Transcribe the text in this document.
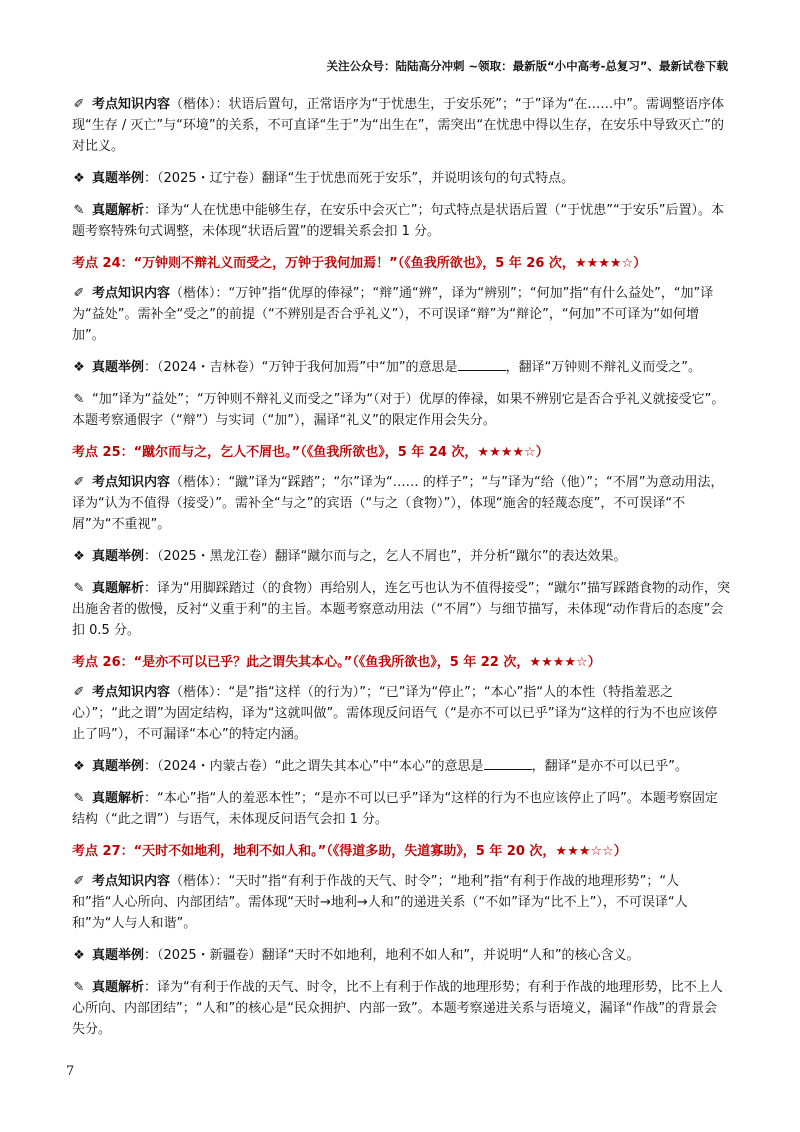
关注公众号：陆陆高分冲刺 ~领取：最新版“小中高考-总复习”、最新试卷下载

✐ 考点知识内容（楷体）：状语后置句，正常语序为“于忧患生，于安乐死”；“于”译为“在……中”。需调整语序体现“生存 / 灭亡”与“环境”的关系，不可直译“生于”为“出生在”，需突出“在忧患中得以生存，在安乐中导致灭亡”的对比义。

❖ 真题举例：（2025・辽宁卷）翻译“生于忧患而死于安乐”，并说明该句的句式特点。

✎ 真题解析：译为“人在忧患中能够生存，在安乐中会灭亡”；句式特点是状语后置（“于忧患”“于安乐”后置）。本题考察特殊句式调整，未体现“状语后置”的逻辑关系会扣 1 分。

考点 24：“万钟则不辩礼义而受之，万钟于我何加焉！”（《鱼我所欲也》，5 年 26 次，★★★★☆）

✐ 考点知识内容（楷体）：“万钟”指“优厚的俸禄”；“辩”通“辨”，译为“辨别”；“何加”指“有什么益处”，“加”译为“益处”。需补全“受之”的前提（“不辨别是否合乎礼义”），不可误译“辩”为“辩论”，“何加”不可译为“如何增加”。

❖ 真题举例：（2024・吉林卷）“万钟于我何加焉”中“加”的意思是	，翻译“万钟则不辩礼义而受之”。

✎ “加”译为“益处”；“万钟则不辩礼义而受之”译为“（对于）优厚的俸禄，如果不辨别它是否合乎礼义就接受它”。本题考察通假字（“辩”）与实词（“加”），漏译“礼义”的限定作用会失分。

考点 25：“蹴尔而与之，乞人不屑也。”（《鱼我所欲也》，5 年 24 次，★★★★☆）

✐ 考点知识内容（楷体）：“蹴”译为“踩踏”；“尔”译为“…… 的样子”；“与”译为“给（他）”；“不屑”为意动用法，译为“认为不值得（接受）”。需补全“与之”的宾语（“与之（食物）”），体现“施舍的轻蔑态度”，不可误译“不屑”为“不重视”。

❖ 真题举例：（2025・黑龙江卷）翻译“蹴尔而与之，乞人不屑也”，并分析“蹴尔”的表达效果。

✎ 真题解析：译为“用脚踩踏过（的食物）再给别人，连乞丐也认为不值得接受”；“蹴尔”描写踩踏食物的动作，突出施舍者的傲慢，反衬“义重于利”的主旨。本题考察意动用法（“不屑”）与细节描写，未体现“动作背后的态度”会扣 0.5 分。

考点 26：“是亦不可以已乎？此之谓失其本心。”（《鱼我所欲也》，5 年 22 次，★★★★☆）

✐ 考点知识内容（楷体）：“是”指“这样（的行为）”；“已”译为“停止”；“本心”指“人的本性（特指羞恶之心）”；“此之谓”为固定结构，译为“这就叫做”。需体现反问语气（“是亦不可以已乎”译为“这样的行为不也应该停止了吗”），不可漏译“本心”的特定内涵。

❖ 真题举例：（2024・内蒙古卷）“此之谓失其本心”中“本心”的意思是	，翻译“是亦不可以已乎”。

✎ 真题解析：“本心”指“人的羞恶本性”；“是亦不可以已乎”译为“这样的行为不也应该停止了吗”。本题考察固定结构（“此之谓”）与语气，未体现反问语气会扣 1 分。

考点 27：“天时不如地利，地利不如人和。”（《得道多助，失道寡助》，5 年 20 次，★★★☆☆）

✐ 考点知识内容（楷体）：“天时”指“有利于作战的天气、时令”；“地利”指“有利于作战的地理形势”；“人和”指“人心所向、内部团结”。需体现“天时→地利→人和”的递进关系（“不如”译为“比不上”），不可误译“人和”为“人与人和谐”。

❖ 真题举例：（2025・新疆卷）翻译“天时不如地利，地利不如人和”，并说明“人和”的核心含义。

✎ 真题解析：译为“有利于作战的天气、时令，比不上有利于作战的地理形势；有利于作战的地理形势，比不上人心所向、内部团结”；“人和”的核心是“民众拥护、内部一致”。本题考察递进关系与语境义，漏译“作战”的背景会失分。

7
